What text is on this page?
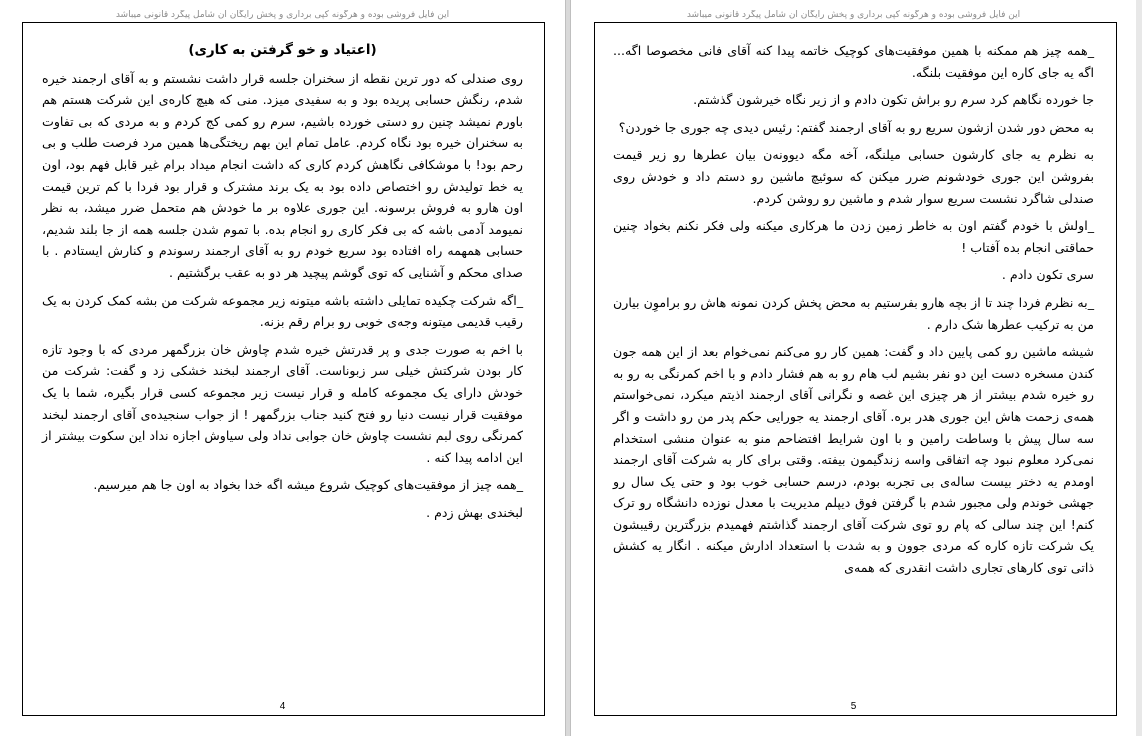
این فایل فروشی بوده و هرگونه کپی برداری و پخش رایگان آن شامل پیگرد قانونی میباشد

(اعتیاد و خو گرفتن به کاری)

روی صندلی که دور ترین نقطه از سخنران جلسه قرار داشت نشستم و به آقای ارجمند خیره شدم، رنگش حسابی پریده بود و به سفیدی میزد. منی که هیچ کاره‌ی این شرکت هستم هم باورم نمیشد چنین رو دستی خورده باشیم، سرم رو کمی کج کردم و به مردی که بی تفاوت به سخنران خیره بود نگاه کردم. عامل تمام این بهم ریختگی‌ها همین مرد فرصت طلب و بی رحم بود! با موشکافی نگاهش کردم کاری که داشت انجام میداد برام غیر قابل فهم بود، اون یه خط تولیدش رو اختصاص داده بود به یک برند مشترک و قرار بود فردا با کم ترین قیمت اون هارو به فروش برسونه. این جوری علاوه بر ما خودش هم متحمل ضرر میشد، به نظر نمیومد آدمی باشه که بی فکر کاری رو انجام بده. با تموم شدن جلسه همه از جا بلند شدیم، حسابی همهمه راه افتاده بود سریع خودم رو به آقای ارجمند رسوندم و کنارش ایستادم . با صدای محکم و آشنایی که توی گوشم پیچید هر دو به عقب برگشتیم .

_اگه شرکت چکیده تمایلی داشته باشه میتونه زیر مجموعه شرکت من بشه کمک کردن به یک رقیب قدیمی میتونه وجه‌ی خوبی رو برام رقم بزنه.

با اخم به صورت جدی و پر قدرتش خیره شدم چاوش خان بزرگمهر مردی که با وجود تازه کار بودن شرکتش خیلی سر زبوناست. آقای ارجمند لبخند خشکی زد و گفت: شرکت من خودش دارای یک مجموعه کامله و قرار نیست زیر مجموعه کسی قرار بگیره، شما با یک موفقیت قرار نیست دنیا رو فتح کنید جناب بزرگمهر ! از جواب سنجیده‌ی آقای ارجمند لبخند کمرنگی روی لبم نشست چاوش خان جوابی نداد ولی سیاوش اجازه نداد این سکوت بیشتر از این ادامه پیدا کنه .

_همه چیز از موفقیت‌های کوچیک شروع میشه اگه خدا بخواد به اون جا هم میرسیم.

لبخندی بهش زدم .

4
این فایل فروشی بوده و هرگونه کپی برداری و پخش رایگان آن شامل پیگرد قانونی میباشد

_همه چیز هم ممکنه با همین موفقیت‌های کوچیک خاتمه پیدا کنه آقای فانی مخصوصا اگه... اگه یه جای کاره این موفقیت بلنگه.

جا خورده نگاهم کرد سرم رو براش تکون دادم و از زیر نگاه خیرشون گذشتم.

به محض دور شدن ازشون سریع رو به آقای ارجمند گفتم: رئیس دیدی چه جوری جا خوردن؟

به نظرم یه جای کارشون حسابی میلنگه، آخه مگه دیوونه‌ن بیان عطرها رو زیر قیمت بفروشن این جوری خودشونم ضرر میکنن که سوئیچ ماشین رو دستم داد و خودش روی صندلی شاگرد نشست سریع سوار شدم و ماشین رو روشن کردم.

_اولش با خودم گفتم اون به خاطر زمین زدن ما هرکاری میکنه ولی فکر نکنم بخواد چنین حماقتی انجام بده آفتاب !

سری تکون دادم .

_به نظرم فردا چند تا از بچه هارو بفرستیم به محض پخش کردن نمونه هاش رو براموِن بیارن من به ترکیب عطرها شک دارم .

شیشه ماشین رو کمی پایین داد و گفت: همین کار رو می‌کنم نمی‌خوام بعد از این همه جون کندن مسخره دست این دو نفر بشیم لب هام رو به هم فشار دادم و با اخم کمرنگی به رو به رو خیره شدم بیشتر از هر چیزی این غصه و نگرانی آقای ارجمند اذیتم میکرد، نمی‌خواستم همه‌ی زحمت هاش این جوری هدر بره. آقای ارجمند یه جورایی حکم پدر من رو داشت و اگر سه سال پیش با وساطت رامین و با اون شرایط افتضاحم منو به عنوان منشی استخدام نمی‌کرد معلوم نبود چه اتفاقی واسه زندگیمون بیفته. وقتی برای کار به شرکت آقای ارجمند اومدم یه دختر بیست ساله‌ی بی تجربه بودم، درسم حسابی خوب بود و حتی یک سال رو جهشی خوندم ولی مجبور شدم با گرفتن فوق دیپلم مدیریت با معدل نوزده دانشگاه رو ترک کنم! این چند سالی که پام رو توی شرکت آقای ارجمند گذاشتم فهمیدم بزرگترین رقیبشون یک شرکت تازه کاره که مردی جوون و به شدت با استعداد ادارش میکنه . انگار یه کشش ذاتی توی کارهای تجاری داشت انقدری که همه‌ی

5
